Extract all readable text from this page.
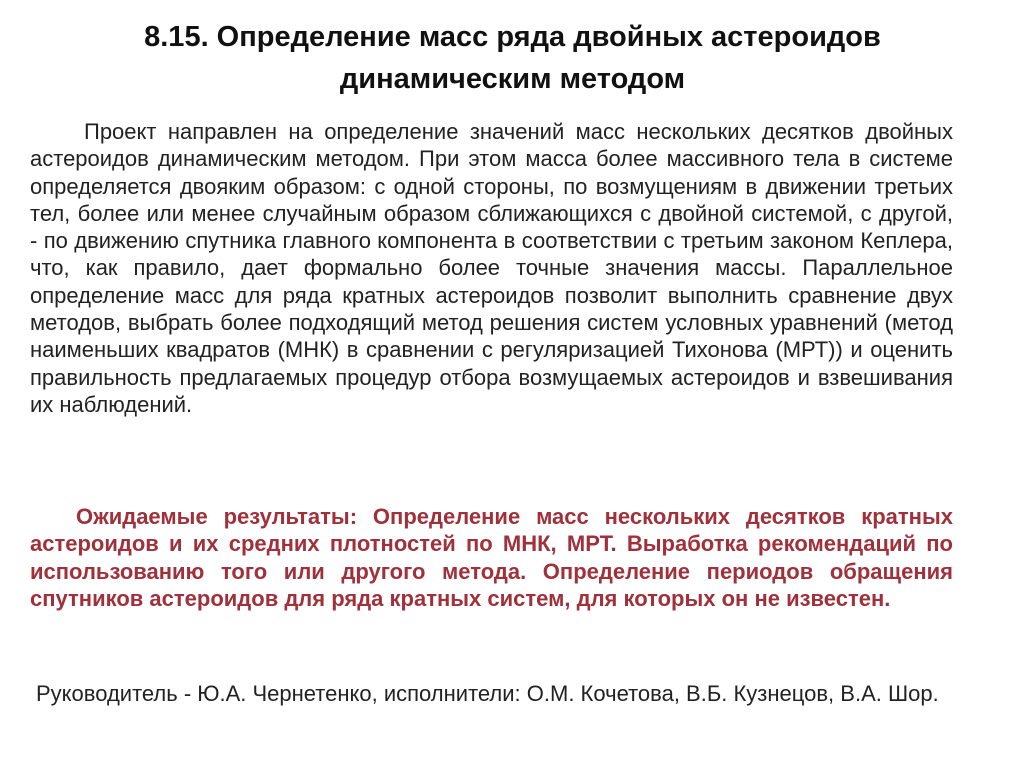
8.15. Определение масс ряда двойных астероидов
динамическим методом

Проект направлен на определение значений масс нескольких десятков двойных астероидов динамическим методом. При этом масса более массивного тела в системе определяется двояким образом: с одной стороны, по возмущениям в движении третьих тел, более или менее случайным образом сближающихся с двойной системой, с другой, - по движению спутника главного компонента в соответствии с третьим законом Кеплера, что, как правило, дает формально более точные значения массы. Параллельное определение масс для ряда кратных астероидов позволит выполнить сравнение двух методов, выбрать более подходящий метод решения систем условных уравнений (метод наименьших квадратов (МНК) в сравнении с регуляризацией Тихонова (МРТ)) и оценить правильность предлагаемых процедур отбора возмущаемых астероидов и взвешивания их наблюдений.

Ожидаемые результаты: Определение масс нескольких десятков кратных астероидов и их средних плотностей по МНК, МРТ. Выработка рекомендаций по использованию того или другого метода. Определение периодов обращения спутников астероидов для ряда кратных систем, для которых он не известен.

Руководитель - Ю.А. Чернетенко, исполнители: О.М. Кочетова, В.Б. Кузнецов, В.А. Шор.
